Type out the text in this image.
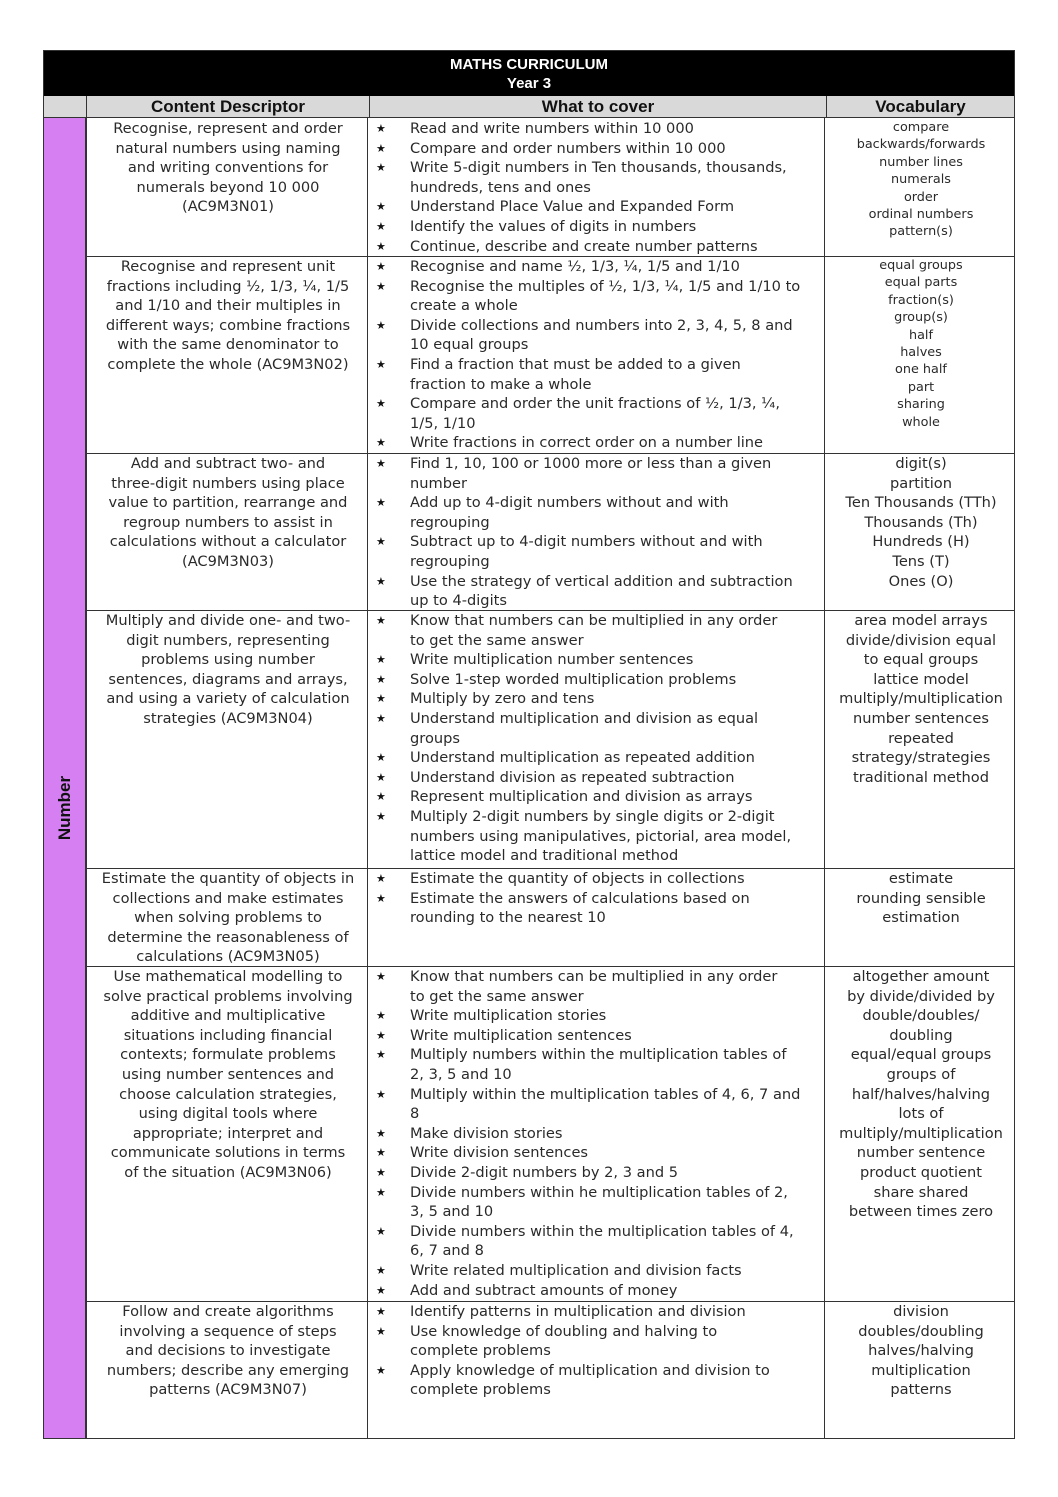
MATHS CURRICULUM
Year 3
Content Descriptor	What to cover	Vocabulary
Number
Recognise, represent and order
natural numbers using naming
and writing conventions for
numerals beyond 10 000
(AC9M3N01)
★ Read and write numbers within 10 000
★ Compare and order numbers within 10 000
★ Write 5-digit numbers in Ten thousands, thousands,
hundreds, tens and ones
★ Understand Place Value and Expanded Form
★ Identify the values of digits in numbers
★ Continue, describe and create number patterns
compare
backwards/forwards
number lines
numerals
order
ordinal numbers
pattern(s)
Recognise and represent unit
fractions including ½, 1/3, ¼, 1/5
and 1/10 and their multiples in
different ways; combine fractions
with the same denominator to
complete the whole (AC9M3N02)
★ Recognise and name ½, 1/3, ¼, 1/5 and 1/10
★ Recognise the multiples of ½, 1/3, ¼, 1/5 and 1/10 to
create a whole
★ Divide collections and numbers into 2, 3, 4, 5, 8 and
10 equal groups
★ Find a fraction that must be added to a given
fraction to make a whole
★ Compare and order the unit fractions of ½, 1/3, ¼,
1/5, 1/10
★ Write fractions in correct order on a number line
equal groups
equal parts
fraction(s)
group(s)
half
halves
one half
part
sharing
whole
Add and subtract two- and
three-digit numbers using place
value to partition, rearrange and
regroup numbers to assist in
calculations without a calculator
(AC9M3N03)
★ Find 1, 10, 100 or 1000 more or less than a given
number
★ Add up to 4-digit numbers without and with
regrouping
★ Subtract up to 4-digit numbers without and with
regrouping
★ Use the strategy of vertical addition and subtraction
up to 4-digits
digit(s)
partition
Ten Thousands (TTh)
Thousands (Th)
Hundreds (H)
Tens (T)
Ones (O)
Multiply and divide one- and two-
digit numbers, representing
problems using number
sentences, diagrams and arrays,
and using a variety of calculation
strategies (AC9M3N04)
★ Know that numbers can be multiplied in any order
to get the same answer
★ Write multiplication number sentences
★ Solve 1-step worded multiplication problems
★ Multiply by zero and tens
★ Understand multiplication and division as equal
groups
★ Understand multiplication as repeated addition
★ Understand division as repeated subtraction
★ Represent multiplication and division as arrays
★ Multiply 2-digit numbers by single digits or 2-digit
numbers using manipulatives, pictorial, area model,
lattice model and traditional method
area model arrays
divide/division equal
to equal groups
lattice model
multiply/multiplication
number sentences
repeated
strategy/strategies
traditional method
Estimate the quantity of objects in
collections and make estimates
when solving problems to
determine the reasonableness of
calculations (AC9M3N05)
★ Estimate the quantity of objects in collections
★ Estimate the answers of calculations based on
rounding to the nearest 10
estimate
rounding sensible
estimation
Use mathematical modelling to
solve practical problems involving
additive and multiplicative
situations including financial
contexts; formulate problems
using number sentences and
choose calculation strategies,
using digital tools where
appropriate; interpret and
communicate solutions in terms
of the situation (AC9M3N06)
★ Know that numbers can be multiplied in any order
to get the same answer
★ Write multiplication stories
★ Write multiplication sentences
★ Multiply numbers within the multiplication tables of
2, 3, 5 and 10
★ Multiply within the multiplication tables of 4, 6, 7 and
8
★ Make division stories
★ Write division sentences
★ Divide 2-digit numbers by 2, 3 and 5
★ Divide numbers within he multiplication tables of 2,
3, 5 and 10
★ Divide numbers within the multiplication tables of 4,
6, 7 and 8
★ Write related multiplication and division facts
★ Add and subtract amounts of money
altogether amount
by divide/divided by
double/doubles/
doubling
equal/equal groups
groups of
half/halves/halving
lots of
multiply/multiplication
number sentence
product quotient
share shared
between times zero
Follow and create algorithms
involving a sequence of steps
and decisions to investigate
numbers; describe any emerging
patterns (AC9M3N07)
★ Identify patterns in multiplication and division
★ Use knowledge of doubling and halving to
complete problems
★ Apply knowledge of multiplication and division to
complete problems
division
doubles/doubling
halves/halving
multiplication
patterns
